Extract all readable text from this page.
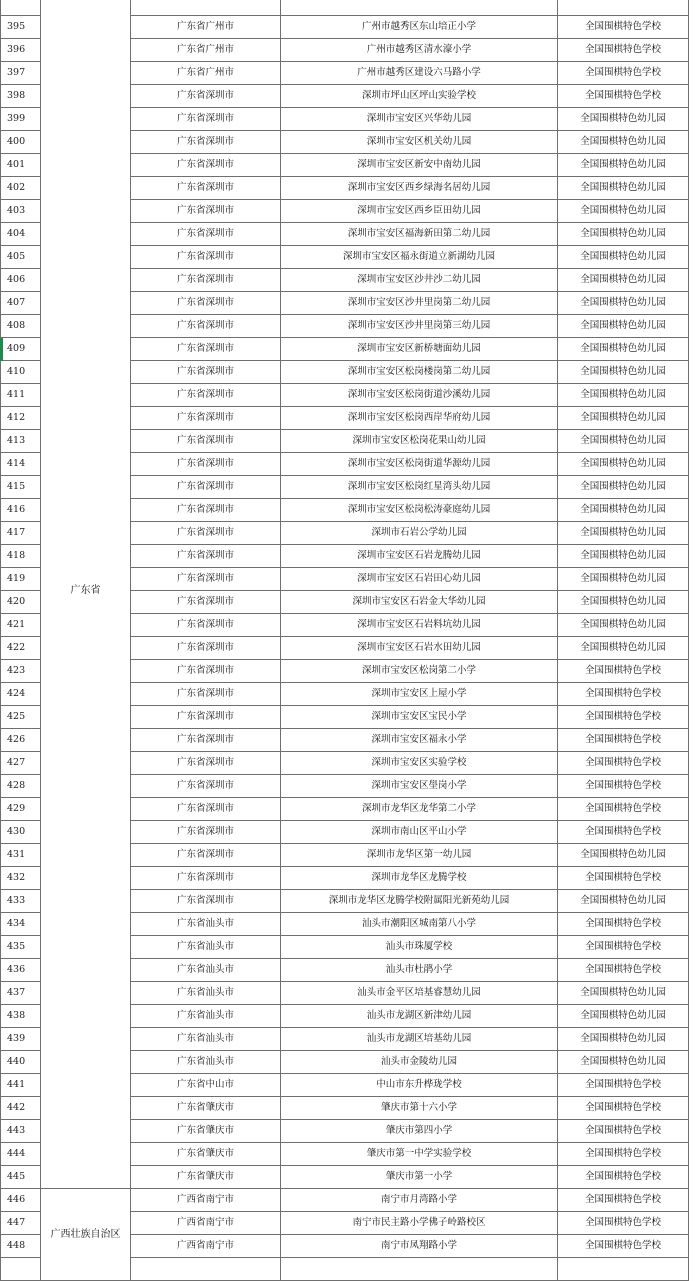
	广东省			
395		广东省广州市	广州市越秀区东山培正小学	全国围棋特色学校
396		广东省广州市	广州市越秀区清水濠小学	全国围棋特色学校
397		广东省广州市	广州市越秀区建设六马路小学	全国围棋特色学校
398		广东省深圳市	深圳市坪山区坪山实验学校	全国围棋特色学校
399		广东省深圳市	深圳市宝安区兴华幼儿园	全国围棋特色幼儿园
400		广东省深圳市	深圳市宝安区机关幼儿园	全国围棋特色幼儿园
401		广东省深圳市	深圳市宝安区新安中南幼儿园	全国围棋特色幼儿园
402		广东省深圳市	深圳市宝安区西乡绿海名居幼儿园	全国围棋特色幼儿园
403		广东省深圳市	深圳市宝安区西乡臣田幼儿园	全国围棋特色幼儿园
404		广东省深圳市	深圳市宝安区福海新田第二幼儿园	全国围棋特色幼儿园
405		广东省深圳市	深圳市宝安区福永街道立新湖幼儿园	全国围棋特色幼儿园
406		广东省深圳市	深圳市宝安区沙井沙二幼儿园	全国围棋特色幼儿园
407		广东省深圳市	深圳市宝安区沙井里岗第二幼儿园	全国围棋特色幼儿园
408		广东省深圳市	深圳市宝安区沙井里岗第三幼儿园	全国围棋特色幼儿园
409		广东省深圳市	深圳市宝安区新桥塘面幼儿园	全国围棋特色幼儿园
410		广东省深圳市	深圳市宝安区松岗楼岗第二幼儿园	全国围棋特色幼儿园
411		广东省深圳市	深圳市宝安区松岗街道沙溪幼儿园	全国围棋特色幼儿园
412		广东省深圳市	深圳市宝安区松岗西岸华府幼儿园	全国围棋特色幼儿园
413		广东省深圳市	深圳市宝安区松岗花果山幼儿园	全国围棋特色幼儿园
414		广东省深圳市	深圳市宝安区松岗街道华源幼儿园	全国围棋特色幼儿园
415		广东省深圳市	深圳市宝安区松岗红星湾头幼儿园	全国围棋特色幼儿园
416		广东省深圳市	深圳市宝安区松岗松涛豪庭幼儿园	全国围棋特色幼儿园
417		广东省深圳市	深圳市石岩公学幼儿园	全国围棋特色幼儿园
418		广东省深圳市	深圳市宝安区石岩龙腾幼儿园	全国围棋特色幼儿园
419		广东省深圳市	深圳市宝安区石岩田心幼儿园	全国围棋特色幼儿园
420		广东省深圳市	深圳市宝安区石岩金大华幼儿园	全国围棋特色幼儿园
421		广东省深圳市	深圳市宝安区石岩料坑幼儿园	全国围棋特色幼儿园
422		广东省深圳市	深圳市宝安区石岩水田幼儿园	全国围棋特色幼儿园
423		广东省深圳市	深圳市宝安区松岗第二小学	全国围棋特色学校
424		广东省深圳市	深圳市宝安区上屋小学	全国围棋特色学校
425		广东省深圳市	深圳市宝安区宝民小学	全国围棋特色学校
426		广东省深圳市	深圳市宝安区福永小学	全国围棋特色学校
427		广东省深圳市	深圳市宝安区实验学校	全国围棋特色学校
428		广东省深圳市	深圳市宝安区壆岗小学	全国围棋特色学校
429		广东省深圳市	深圳市龙华区龙华第二小学	全国围棋特色学校
430		广东省深圳市	深圳市南山区平山小学	全国围棋特色学校
431		广东省深圳市	深圳市龙华区第一幼儿园	全国围棋特色幼儿园
432		广东省深圳市	深圳市龙华区龙腾学校	全国围棋特色学校
433		广东省深圳市	深圳市龙华区龙腾学校附属阳光新苑幼儿园	全国围棋特色幼儿园
434		广东省汕头市	汕头市潮阳区城南第八小学	全国围棋特色学校
435		广东省汕头市	汕头市珠厦学校	全国围棋特色学校
436		广东省汕头市	汕头市杜鹃小学	全国围棋特色学校
437		广东省汕头市	汕头市金平区培基睿慧幼儿园	全国围棋特色幼儿园
438		广东省汕头市	汕头市龙湖区新津幼儿园	全国围棋特色幼儿园
439		广东省汕头市	汕头市龙湖区培基幼儿园	全国围棋特色幼儿园
440		广东省汕头市	汕头市金陵幼儿园	全国围棋特色幼儿园
441		广东省中山市	中山市东升桦珑学校	全国围棋特色学校
442		广东省肇庆市	肇庆市第十六小学	全国围棋特色学校
443		广东省肇庆市	肇庆市第四小学	全国围棋特色学校
444		广东省肇庆市	肇庆市第一中学实验学校	全国围棋特色学校
445		广东省肇庆市	肇庆市第一小学	全国围棋特色学校
446	广西壮族自治区	广西省南宁市	南宁市月湾路小学	全国围棋特色学校
447		广西省南宁市	南宁市民主路小学佛子岭路校区	全国围棋特色学校
448		广西省南宁市	南宁市凤翔路小学	全国围棋特色学校
